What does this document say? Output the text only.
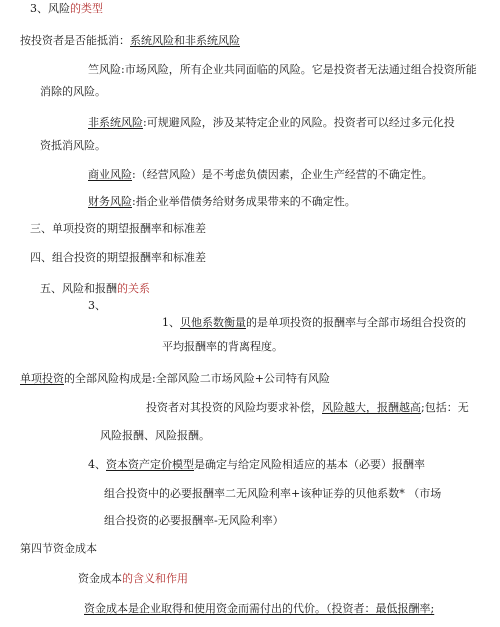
3、风险的类型
按投资者是否能抵消：系统风险和非系统风险
竺风险:市场风险，所有企业共同面临的风险。它是投资者无法通过组合投资所能
消除的风险。
非系统风险:可规避风险，涉及某特定企业的风险。投资者可以经过多元化投
资抵消风险。
商业风险:（经营风险）是不考虑负债因素，企业生产经营的不确定性。
财务风险:指企业举借债务给财务成果带来的不确定性。
三、单项投资的期望报酬率和标准差
四、组合投资的期望报酬率和标准差
五、风险和报酬的关系
3、
1、贝他系数衡量的是单项投资的报酬率与全部市场组合投资的
平均报酬率的背离程度。
单项投资的全部风险构成是:全部风险二市场风险+公司特有风险
投资者对其投资的风险均要求补偿，风险越大，报酬越高;包括：无
风险报酬、风险报酬。
4、资本资产定价模型是确定与给定风险相适应的基本（必要）报酬率
组合投资中的必要报酬率二无风险利率+该种证券的贝他系数* （市场
组合投资的必要报酬率-无风险利率）
第四节资金成本
资金成本的含义和作用
资金成本是企业取得和使用资金而需付出的代价。（投资者：最低报酬率;
